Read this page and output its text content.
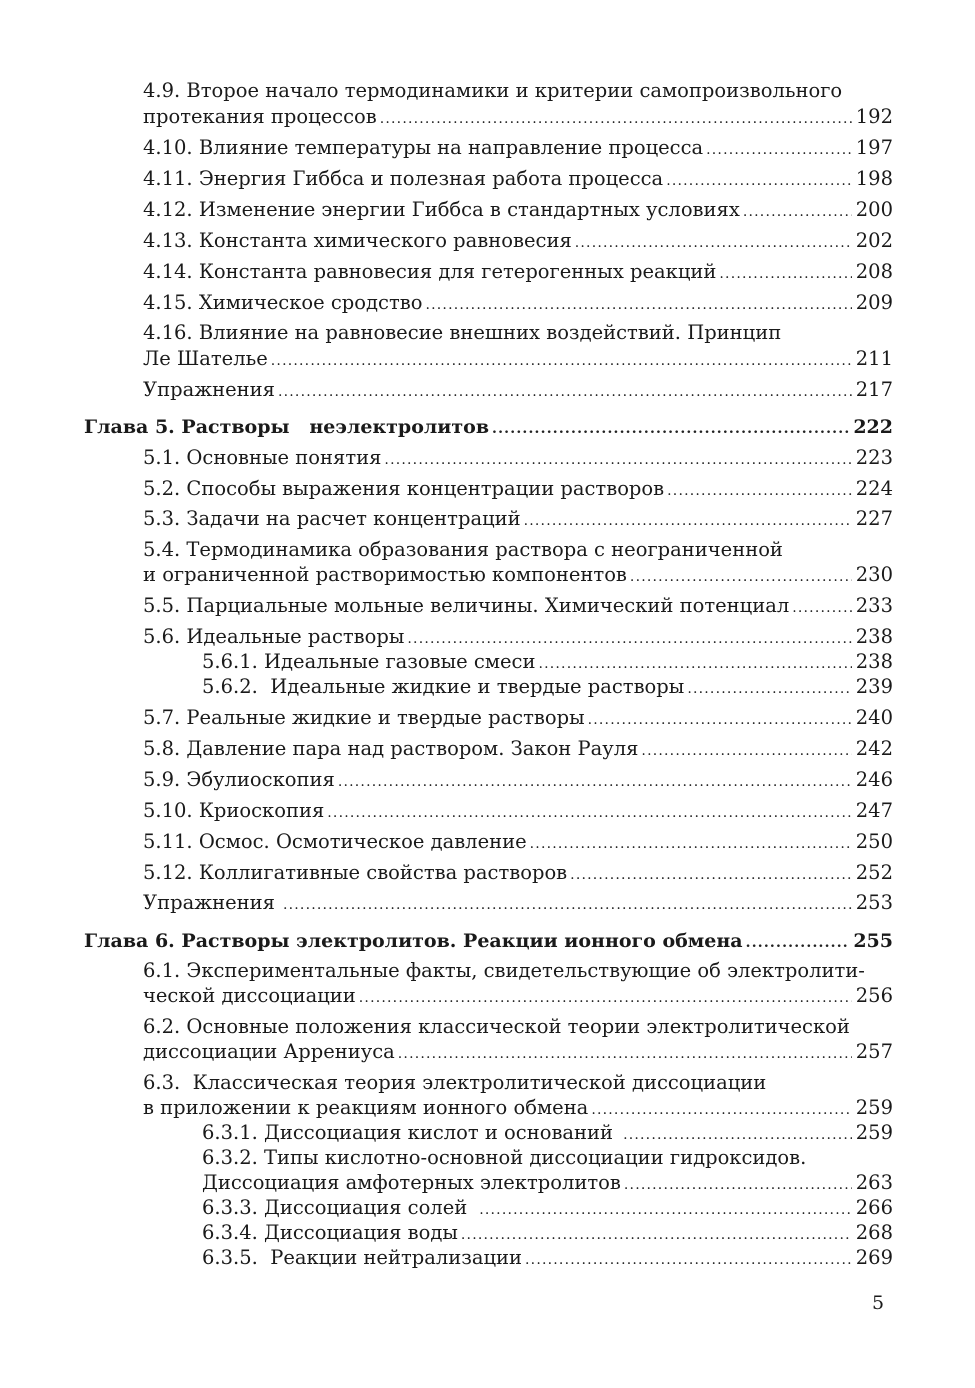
4.9. Второе начало термодинамики и критерии самопроизвольного
протекания процессов .....	192
4.10. Влияние температуры на направление процесса .....	197
4.11. Энергия Гиббса и полезная работа процесса .....	198
4.12. Изменение энергии Гиббса в стандартных условиях .....	200
4.13. Константа химического равновесия .....	202
4.14. Константа равновесия для гетерогенных реакций .....	208
4.15. Химическое сродство .....	209
4.16. Влияние на равновесие внешних воздействий. Принцип
Ле Шателье .....	211
Упражнения .....	217
Глава 5. Растворы   неэлектролитов .....	222
5.1. Основные понятия .....	223
5.2. Способы выражения концентрации растворов .....	224
5.3. Задачи на расчет концентраций .....	227
5.4. Термодинамика образования раствора с неограниченной
и ограниченной растворимостью компонентов .....	230
5.5. Парциальные мольные величины. Химический потенциал .....	233
5.6. Идеальные растворы .....	238
5.6.1. Идеальные газовые смеси .....	238
5.6.2.  Идеальные жидкие и твердые растворы .....	239
5.7. Реальные жидкие и твердые растворы .....	240
5.8. Давление пара над раствором. Закон Рауля .....	242
5.9. Эбулиоскопия .....	246
5.10. Криоскопия .....	247
5.11. Осмос. Осмотическое давление .....	250
5.12. Коллигативные свойства растворов .....	252
Упражнения .....	253
Глава 6. Растворы электролитов. Реакции ионного обмена .....	255
6.1. Экспериментальные факты, свидетельствующие об электролити-
ческой диссоциации .....	256
6.2. Основные положения классической теории электролитической
диссоциации Аррениуса .....	257
6.3.  Классическая теория электролитической диссоциации
в приложении к реакциям ионного обмена .....	259
6.3.1. Диссоциация кислот и оснований .....	259
6.3.2. Типы кислотно-основной диссоциации гидроксидов.
Диссоциация амфотерных электролитов .....	263
6.3.3. Диссоциация солей .....	266
6.3.4. Диссоциация воды .....	268
6.3.5.  Реакции нейтрализации .....	269
5
